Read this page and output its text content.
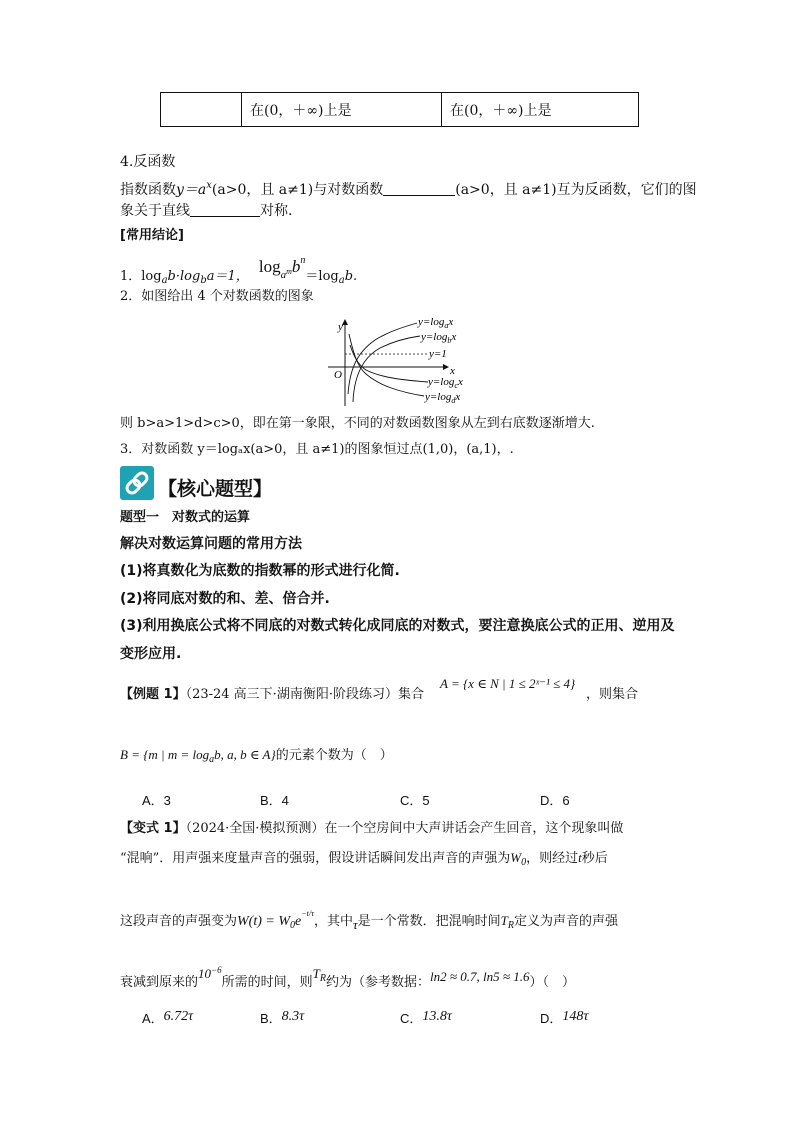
	在(0，＋∞)上是	在(0，＋∞)上是
4.反函数
指数函数$y=a^x(a>0$，且 a≠1)与对数函数	(a>0，且 a≠1)互为反函数，它们的图
象关于直线	对称.
[常用结论]
1．$\log_ab\cdot\log_ba=1$， $\log_{a^m}b^n=\log_ab$.
2．如图给出 4 个对数函数的图象
y
x
O
$y=\log_ax$
$y=\log_bx$
y=1
$y=\log_cx$
$y=\log_dx$
则 b>a>1>d>c>0，即在第一象限，不同的对数函数图象从左到右底数逐渐增大.
3．对数函数 y＝logₐx(a>0，且 a≠1)的图象恒过点(1,0)，(a,1)，.
【核心题型】
题型一　对数式的运算
解决对数运算问题的常用方法
(1)将真数化为底数的指数幂的形式进行化简.
(2)将同底对数的和、差、倍合并.
(3)利用换底公式将不同底的对数式转化成同底的对数式，要注意换底公式的正用、逆用及
变形应用.
【例题 1】（23-24 高三下·湖南衡阳·阶段练习）集合
A = {x ∈ N | 1 ≤ 2ˣ⁻¹ ≤ 4}
，则集合
B = {m | $m = \log_ab$, a, b ∈ A}的元素个数为（　）
A．3	B．4	C．5	D．6
【变式 1】（2024·全国·模拟预测）在一个空房间中大声讲话会产生回音，这个现象叫做
“混响”．用声强来度量声音的强弱，假设讲话瞬间发出声音的声强为$W_0$，则经过t秒后
这段声音的声强变为$W(t) = W_0e^{-t/\tau}$，其中τ是一个常数．把混响时间$T_R$定义为声音的声强
衰减到原来的$10^{-6}$所需的时间，则$T_R$约为（参考数据：ln2 ≈ 0.7, ln5 ≈ 1.6）（　）
A．6.72τ	B．8.3τ	C．13.8τ	D．148τ
